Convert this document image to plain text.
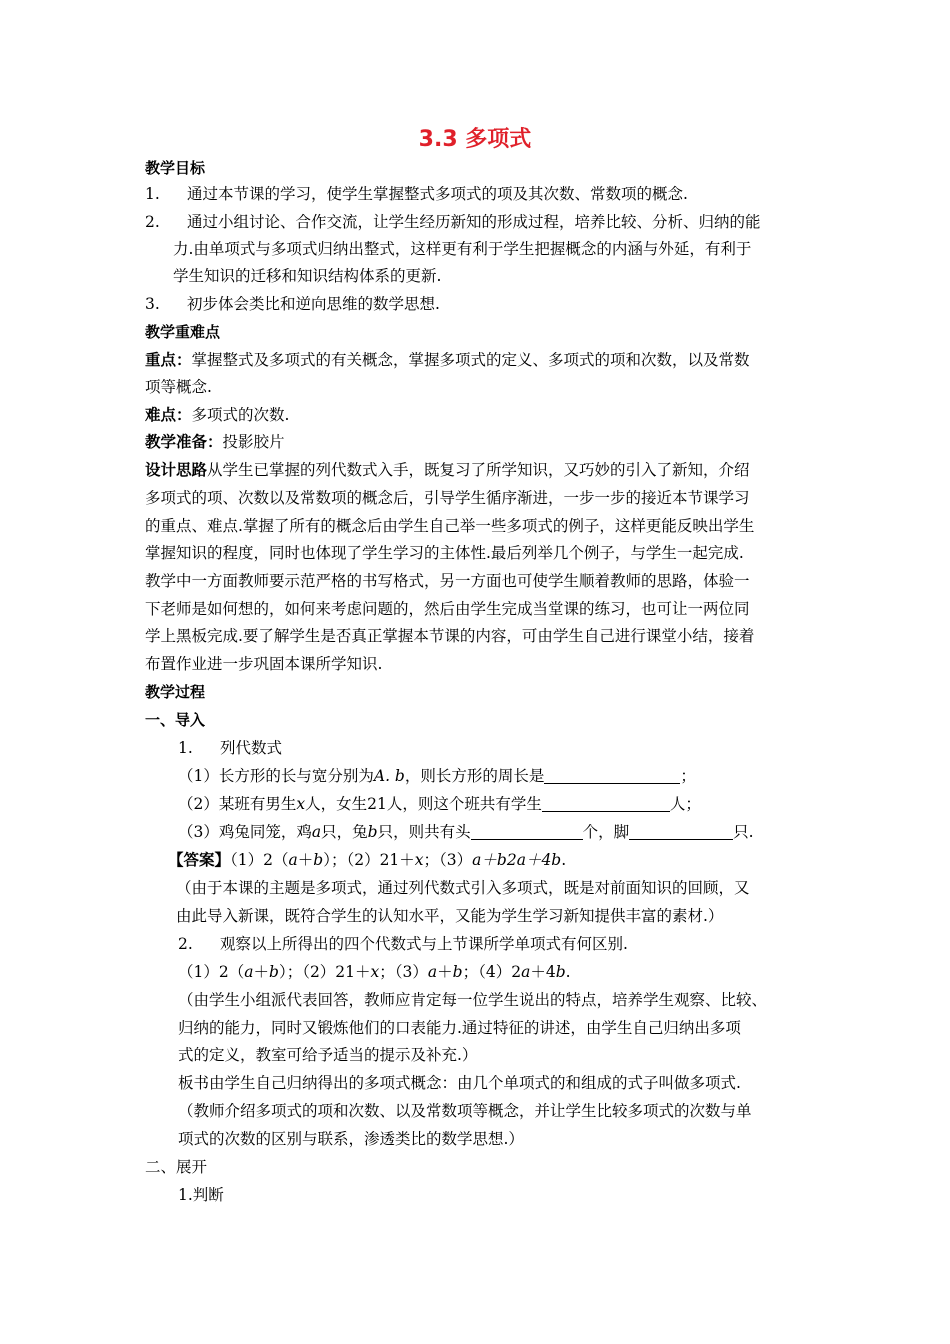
3.3 多项式
教学目标
1. 通过本节课的学习，使学生掌握整式多项式的项及其次数、常数项的概念.
2. 通过小组讨论、合作交流，让学生经历新知的形成过程，培养比较、分析、归纳的能
力.由单项式与多项式归纳出整式，这样更有利于学生把握概念的内涵与外延，有利于
学生知识的迁移和知识结构体系的更新.
3. 初步体会类比和逆向思维的数学思想.
教学重难点
重点：掌握整式及多项式的有关概念，掌握多项式的定义、多项式的项和次数，以及常数
项等概念.
难点：多项式的次数.
教学准备：投影胶片
设计思路从学生已掌握的列代数式入手，既复习了所学知识，又巧妙的引入了新知，介绍
多项式的项、次数以及常数项的概念后，引导学生循序渐进，一步一步的接近本节课学习
的重点、难点.掌握了所有的概念后由学生自己举一些多项式的例子，这样更能反映出学生
掌握知识的程度，同时也体现了学生学习的主体性.最后列举几个例子，与学生一起完成.
教学中一方面教师要示范严格的书写格式，另一方面也可使学生顺着教师的思路，体验一
下老师是如何想的，如何来考虑问题的，然后由学生完成当堂课的练习，也可让一两位同
学上黑板完成.要了解学生是否真正掌握本节课的内容，可由学生自己进行课堂小结，接着
布置作业进一步巩固本课所学知识.
教学过程
一、导入
1. 列代数式
（1）长方形的长与宽分别为A. b，则长方形的周长是	；
（2）某班有男生x人，女生21人，则这个班共有学生	人；
（3）鸡兔同笼，鸡a只，兔b只，则共有头	个，脚	只.
【答案】（1）2（a＋b）；（2）21＋x；（3）a＋b2a＋4b.
（由于本课的主题是多项式，通过列代数式引入多项式，既是对前面知识的回顾，又
由此导入新课，既符合学生的认知水平，又能为学生学习新知提供丰富的素材.）
2. 观察以上所得出的四个代数式与上节课所学单项式有何区别.
（1）2（a＋b）；（2）21＋x；（3）a＋b；（4）2a＋4b.
（由学生小组派代表回答，教师应肯定每一位学生说出的特点，培养学生观察、比较、
归纳的能力，同时又锻炼他们的口表能力.通过特征的讲述，由学生自己归纳出多项
式的定义，教室可给予适当的提示及补充.）
板书由学生自己归纳得出的多项式概念：由几个单项式的和组成的式子叫做多项式.
（教师介绍多项式的项和次数、以及常数项等概念，并让学生比较多项式的次数与单
项式的次数的区别与联系，渗透类比的数学思想.）
二、展开
1.判断
